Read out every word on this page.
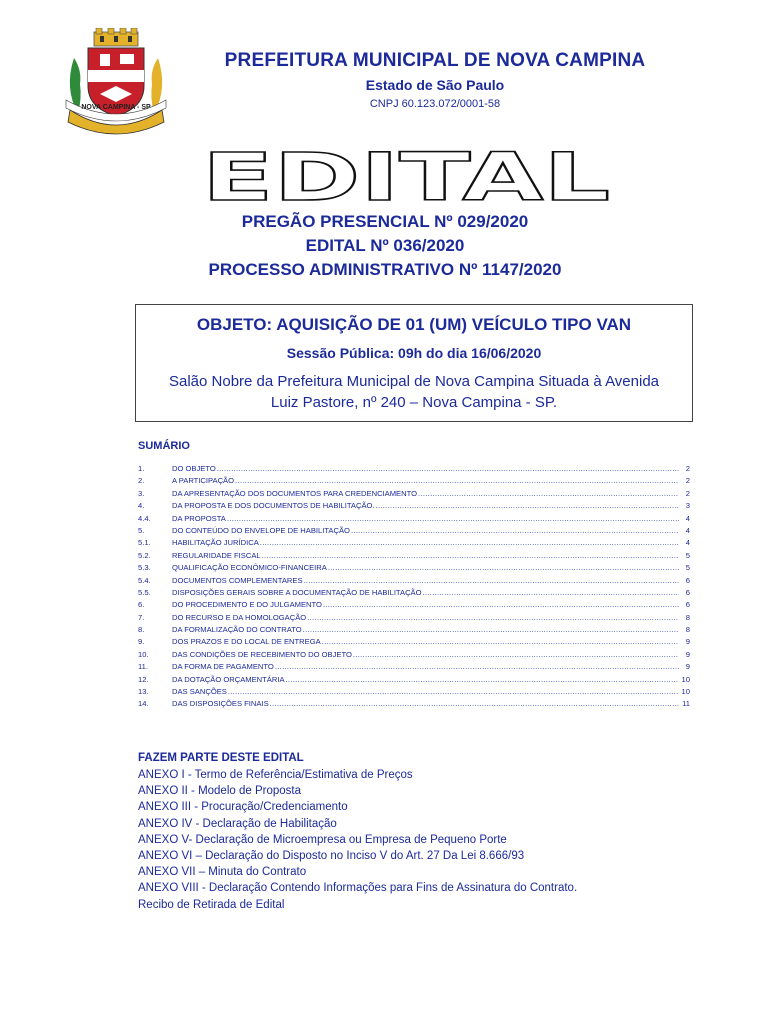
NOVA CAMPINA - SP
PREFEITURA MUNICIPAL DE NOVA CAMPINA
Estado de São Paulo
CNPJ 60.123.072/0001-58
EDITAL
PREGÃO PRESENCIAL Nº 029/2020
EDITAL Nº 036/2020
PROCESSO ADMINISTRATIVO Nº 1147/2020
OBJETO: AQUISIÇÃO DE 01 (UM) VEÍCULO TIPO VAN
Sessão Pública: 09h do dia 16/06/2020
Salão Nobre da Prefeitura Municipal de Nova Campina Situada à Avenida
Luiz Pastore, nº 240 – Nova Campina - SP.
SUMÁRIO
1.	DO OBJETO .....	2
2.	A PARTICIPAÇÃO .....	2
3.	DA APRESENTAÇÃO DOS DOCUMENTOS PARA CREDENCIAMENTO .....	2
4.	DA PROPOSTA E DOS DOCUMENTOS DE HABILITAÇÃO. .....	3
4.4.	DA PROPOSTA .....	4
5.	DO CONTEÚDO DO ENVELOPE DE HABILITAÇÃO .....	4
5.1.	HABILITAÇÃO JURÍDICA .....	4
5.2.	REGULARIDADE FISCAL .....	5
5.3.	QUALIFICAÇÃO ECONÔMICO-FINANCEIRA .....	5
5.4.	DOCUMENTOS COMPLEMENTARES .....	6
5.5.	DISPOSIÇÕES GERAIS SOBRE A DOCUMENTAÇÃO DE HABILITAÇÃO .....	6
6.	DO PROCEDIMENTO E DO JULGAMENTO .....	6
7.	DO RECURSO E DA HOMOLOGAÇÃO .....	8
8.	DA FORMALIZAÇÃO DO CONTRATO .....	8
9.	DOS PRAZOS E DO LOCAL DE ENTREGA .....	9
10.	DAS CONDIÇÕES DE RECEBIMENTO DO OBJETO .....	9
11.	DA FORMA DE PAGAMENTO .....	9
12.	DA DOTAÇÃO ORÇAMENTÁRIA .....	10
13.	DAS SANÇÕES .....	10
14.	DAS DISPOSIÇÕES FINAIS .....	11
FAZEM PARTE DESTE EDITAL
ANEXO I - Termo de Referência/Estimativa de Preços
ANEXO II - Modelo de Proposta
ANEXO III - Procuração/Credenciamento
ANEXO IV - Declaração de Habilitação
ANEXO V- Declaração de Microempresa ou Empresa de Pequeno Porte
ANEXO VI – Declaração do Disposto no Inciso V do Art. 27 Da Lei 8.666/93
ANEXO VII – Minuta do Contrato
ANEXO VIII - Declaração Contendo Informações para Fins de Assinatura do Contrato.
Recibo de Retirada de Edital
